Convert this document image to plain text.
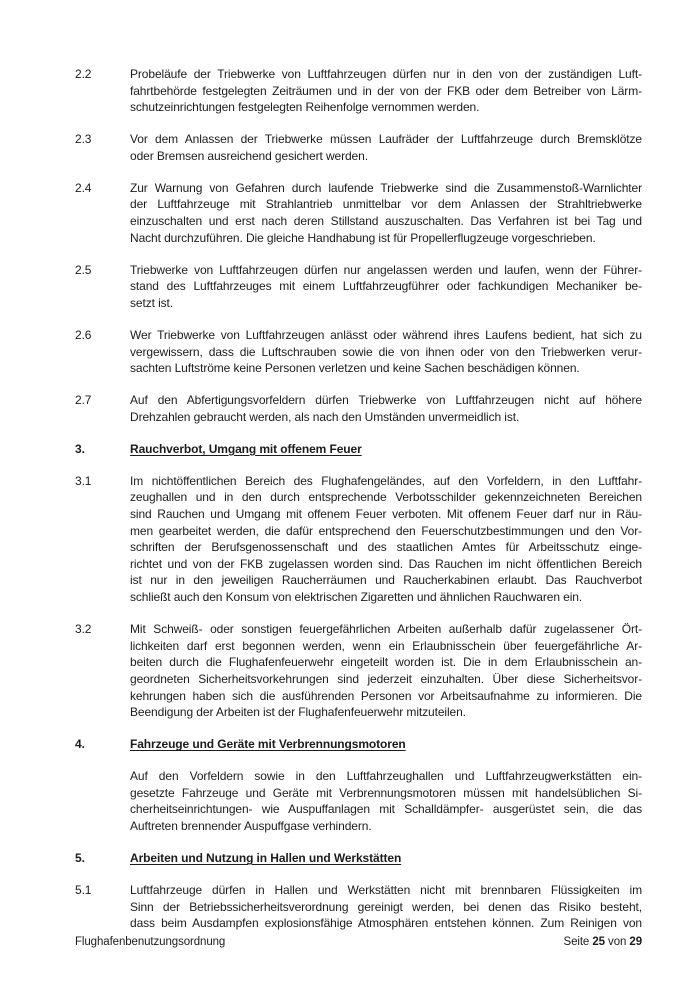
2.2	Probeläufe der Triebwerke von Luftfahrzeugen dürfen nur in den von der zuständigen Luft-
fahrtbehörde festgelegten Zeiträumen und in der von der FKB oder dem Betreiber von Lärm-
schutzeinrichtungen festgelegten Reihenfolge vernommen werden.
2.3	Vor dem Anlassen der Triebwerke müssen Laufräder der Luftfahrzeuge durch Bremsklötze
oder Bremsen ausreichend gesichert werden.
2.4	Zur Warnung von Gefahren durch laufende Triebwerke sind die Zusammenstoß-Warnlichter
der Luftfahrzeuge mit Strahlantrieb unmittelbar vor dem Anlassen der Strahltriebwerke
einzuschalten und erst nach deren Stillstand auszuschalten. Das Verfahren ist bei Tag und
Nacht durchzuführen. Die gleiche Handhabung ist für Propellerflugzeuge vorgeschrieben.
2.5	Triebwerke von Luftfahrzeugen dürfen nur angelassen werden und laufen, wenn der Führer-
stand des Luftfahrzeuges mit einem Luftfahrzeugführer oder fachkundigen Mechaniker be-
setzt ist.
2.6	Wer Triebwerke von Luftfahrzeugen anlässt oder während ihres Laufens bedient, hat sich zu
vergewissern, dass die Luftschrauben sowie die von ihnen oder von den Triebwerken verur-
sachten Luftströme keine Personen verletzen und keine Sachen beschädigen können.
2.7	Auf den Abfertigungsvorfeldern dürfen Triebwerke von Luftfahrzeugen nicht auf höhere
Drehzahlen gebraucht werden, als nach den Umständen unvermeidlich ist.
3.	Rauchverbot, Umgang mit offenem Feuer
3.1	Im nichtöffentlichen Bereich des Flughafengeländes, auf den Vorfeldern, in den Luftfahr-
zeughallen und in den durch entsprechende Verbotsschilder gekennzeichneten Bereichen
sind Rauchen und Umgang mit offenem Feuer verboten. Mit offenem Feuer darf nur in Räu-
men gearbeitet werden, die dafür entsprechend den Feuerschutzbestimmungen und den Vor-
schriften der Berufsgenossenschaft und des staatlichen Amtes für Arbeitsschutz einge-
richtet und von der FKB zugelassen worden sind. Das Rauchen im nicht öffentlichen Bereich
ist nur in den jeweiligen Raucherräumen und Raucherkabinen erlaubt. Das Rauchverbot
schließt auch den Konsum von elektrischen Zigaretten und ähnlichen Rauchwaren ein.
3.2	Mit Schweiß- oder sonstigen feuergefährlichen Arbeiten außerhalb dafür zugelassener Ört-
lichkeiten darf erst begonnen werden, wenn ein Erlaubnisschein über feuergefährliche Ar-
beiten durch die Flughafenfeuerwehr eingeteilt worden ist. Die in dem Erlaubnisschein an-
geordneten Sicherheitsvorkehrungen sind jederzeit einzuhalten. Über diese Sicherheitsvor-
kehrungen haben sich die ausführenden Personen vor Arbeitsaufnahme zu informieren. Die
Beendigung der Arbeiten ist der Flughafenfeuerwehr mitzuteilen.
4.	Fahrzeuge und Geräte mit Verbrennungsmotoren
Auf den Vorfeldern sowie in den Luftfahrzeughallen und Luftfahrzeugwerkstätten ein-
gesetzte Fahrzeuge und Geräte mit Verbrennungsmotoren müssen mit handelsüblichen Si-
cherheitseinrichtungen- wie Auspuffanlagen mit Schalldämpfer- ausgerüstet sein, die das
Auftreten brennender Auspuffgase verhindern.
5.	Arbeiten und Nutzung in Hallen und Werkstätten
5.1	Luftfahrzeuge dürfen in Hallen und Werkstätten nicht mit brennbaren Flüssigkeiten im
Sinn der Betriebssicherheitsverordnung gereinigt werden, bei denen das Risiko besteht,
dass beim Ausdampfen explosionsfähige Atmosphären entstehen können. Zum Reinigen von
Flughafenbenutzungsordnung	Seite 25 von 29
